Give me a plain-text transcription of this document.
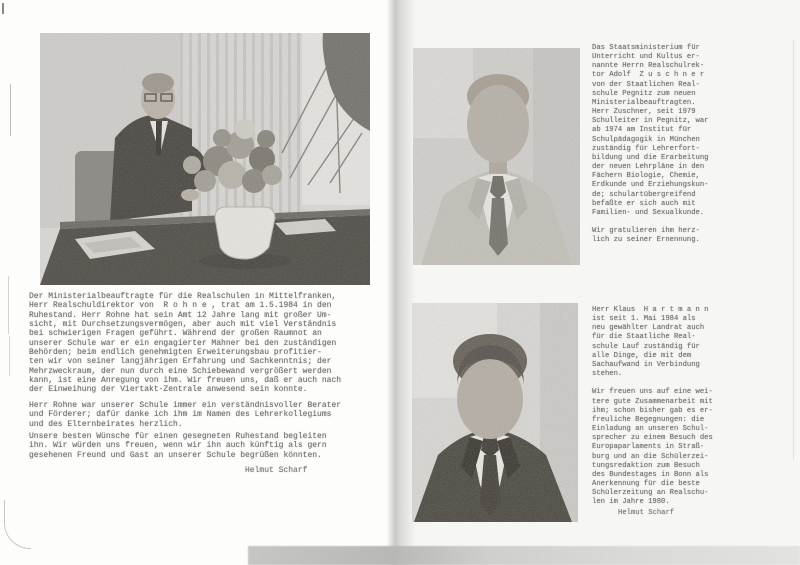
Der Ministerialbeauftragte für die Realschulen in Mittelfranken,
Herr Realschuldirektor von  R o h n e , trat am 1.5.1984 in den
Ruhestand. Herr Rohne hat sein Amt 12 Jahre lang mit großer Um-
sicht, mit Durchsetzungsvermögen, aber auch mit viel Verständnis
bei schwierigen Fragen geführt. Während der großen Raumnot an
unserer Schule war er ein engagierter Mahner bei den zuständigen
Behörden; beim endlich genehmigten Erweiterungsbau profitier-
ten wir von seiner langjährigen Erfahrung und Sachkenntnis; der
Mehrzweckraum, der nun durch eine Schiebewand vergrößert werden
kann, ist eine Anregung von ihm. Wir freuen uns, daß er auch nach
der Einweihung der Viertakt-Zentrale anwesend sein konnte.
Herr Rohne war unserer Schule immer ein verständnisvoller Berater
und Förderer; dafür danke ich ihm im Namen des Lehrerkollegiums
und des Elternbeirates herzlich.
Unsere besten Wünsche für einen gesegneten Ruhestand begleiten
ihn. Wir würden uns freuen, wenn wir ihn auch künftig als gern
gesehenen Freund und Gast an unserer Schule begrüßen könnten.
Helmut Scharf
Das Staatsministerium für
Unterricht und Kultus er-
nannte Herrn Realschulrek-
tor Adolf  Z u s c h n e r
von der Staatlichen Real-
schule Pegnitz zum neuen
Ministerialbeauftragten.
Herr Zuschner, seit 1979
Schulleiter in Pegnitz, war
ab 1974 am Institut für
Schulpädagogik in München
zuständig für Lehrerfort-
bildung und die Erarbeitung
der neuen Lehrpläne in den
Fächern Biologie, Chemie,
Erdkunde und Erziehungskun-
de; schulartübergreifend
befaßte er sich auch mit
Familien- und Sexualkunde.

Wir gratulieren ihm herz-
lich zu seiner Ernennung.
Herr Klaus  H a r t m a n n
ist seit 1. Mai 1984 als
neu gewählter Landrat auch
für die Staatliche Real-
schule Lauf zuständig für
alle Dinge, die mit dem
Sachaufwand in Verbindung
stehen.

Wir freuen uns auf eine wei-
tere gute Zusammenarbeit mit
ihm; schon bisher gab es er-
freuliche Begegnungen: die
Einladung an unseren Schul-
sprecher zu einem Besuch des
Europaparlaments in Straß-
burg und an die Schülerzei-
tungsredaktion zum Besuch
des Bundestages in Bonn als
Anerkennung für die beste
Schülerzeitung an Realschu-
len im Jahre 1980.
Helmut Scharf
